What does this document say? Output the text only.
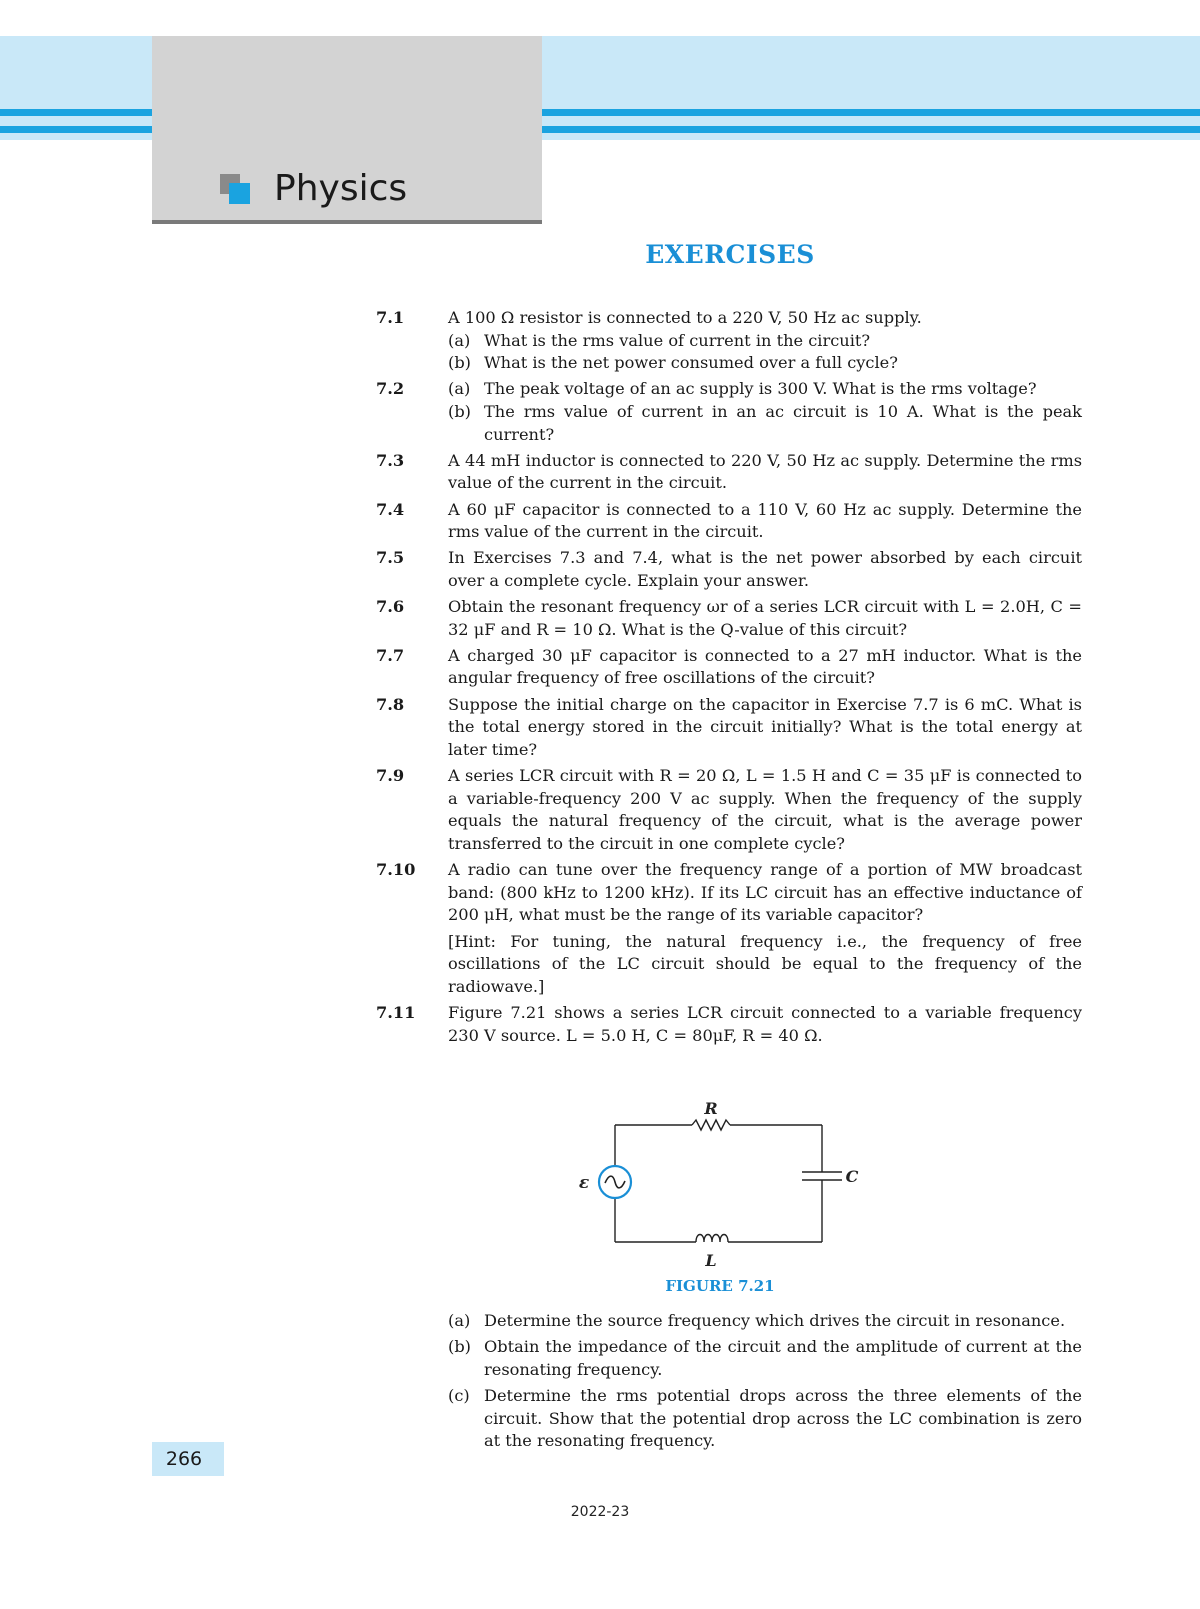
Physics
EXERCISES
7.1	A 100 Ω resistor is connected to a 220 V, 50 Hz ac supply.

(a) What is the rms value of current in the circuit?
(b) What is the net power consumed over a full cycle?
7.2	(a) The peak voltage of an ac supply is 300 V. What is the rms voltage?
(b) The rms value of current in an ac circuit is 10 A. What is the peak current?
7.3	A 44 mH inductor is connected to 220 V, 50 Hz ac supply. Determine the rms value of the current in the circuit.
7.4	A 60 μF capacitor is connected to a 110 V, 60 Hz ac supply. Determine the rms value of the current in the circuit.
7.5	In Exercises 7.3 and 7.4, what is the net power absorbed by each circuit over a complete cycle. Explain your answer.
7.6	Obtain the resonant frequency ωr of a series LCR circuit with L = 2.0H, C = 32 μF and R = 10 Ω. What is the Q-value of this circuit?
7.7	A charged 30 μF capacitor is connected to a 27 mH inductor. What is the angular frequency of free oscillations of the circuit?
7.8	Suppose the initial charge on the capacitor in Exercise 7.7 is 6 mC. What is the total energy stored in the circuit initially? What is the total energy at later time?
7.9	A series LCR circuit with R = 20 Ω, L = 1.5 H and C = 35 μF is connected to a variable-frequency 200 V ac supply. When the frequency of the supply equals the natural frequency of the circuit, what is the average power transferred to the circuit in one complete cycle?
7.10	A radio can tune over the frequency range of a portion of MW broadcast band: (800 kHz to 1200 kHz). If its LC circuit has an effective inductance of 200 μH, what must be the range of its variable capacitor?

[Hint: For tuning, the natural frequency i.e., the frequency of free oscillations of the LC circuit should be equal to the frequency of the radiowave.]

7.11	Figure 7.21 shows a series LCR circuit connected to a variable frequency 230 V source. L = 5.0 H, C = 80μF, R = 40 Ω.
R
L
C
ε
FIGURE 7.21
(a) Determine the source frequency which drives the circuit in resonance.
(b) Obtain the impedance of the circuit and the amplitude of current at the resonating frequency.
(c) Determine the rms potential drops across the three elements of the circuit. Show that the potential drop across the LC combination is zero at the resonating frequency.
266
2022-23
